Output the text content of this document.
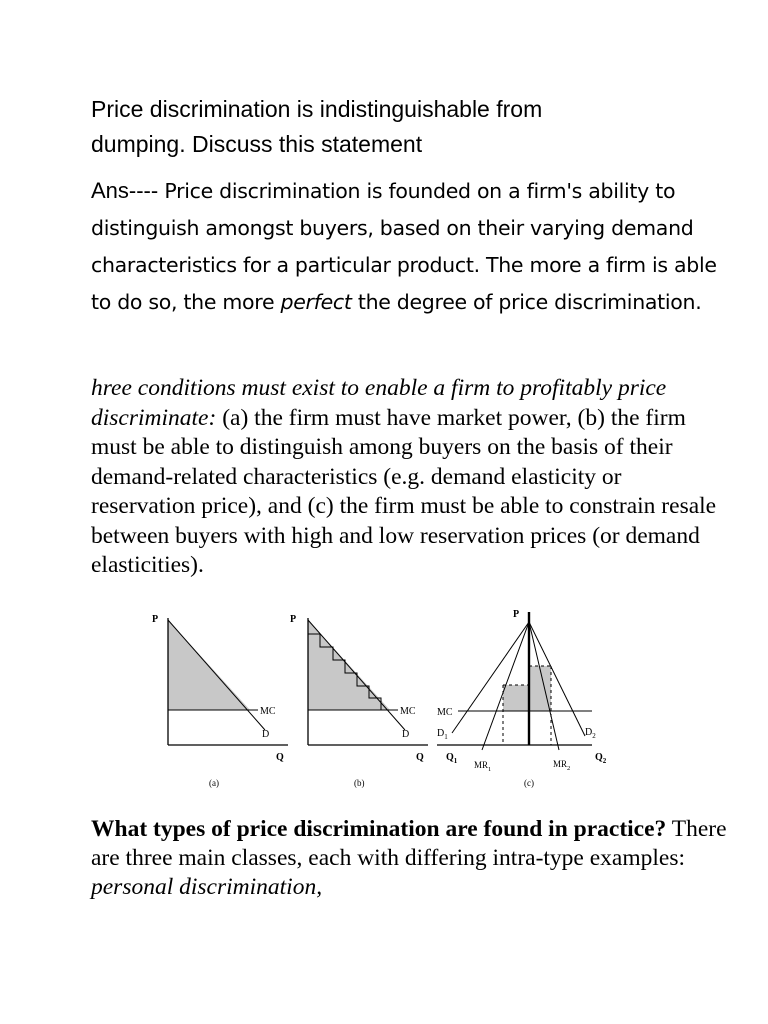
Price discrimination is indistinguishable from
dumping. Discuss this statement
Ans---- Price discrimination is founded on a firm's ability to distinguish amongst buyers, based on their varying demand characteristics for a particular product. The more a firm is able to do so, the more perfect the degree of price discrimination.
hree conditions must exist to enable a firm to profitably price discriminate: (a) the firm must have market power, (b) the firm must be able to distinguish among buyers on the basis of their demand-related characteristics (e.g. demand elasticity or reservation price), and (c) the firm must be able to constrain resale between buyers with high and low reservation prices (or demand elasticities).
P
Q
MC
D
(a)
P
Q
MC
D
(b)
P
MC
$D_1$	$D_2$
$Q_1$	$Q_2$
$MR_1$
$MR_2$
(c)
What types of price discrimination are found in practice? There are three main classes, each with differing intra-type examples: personal discrimination,
